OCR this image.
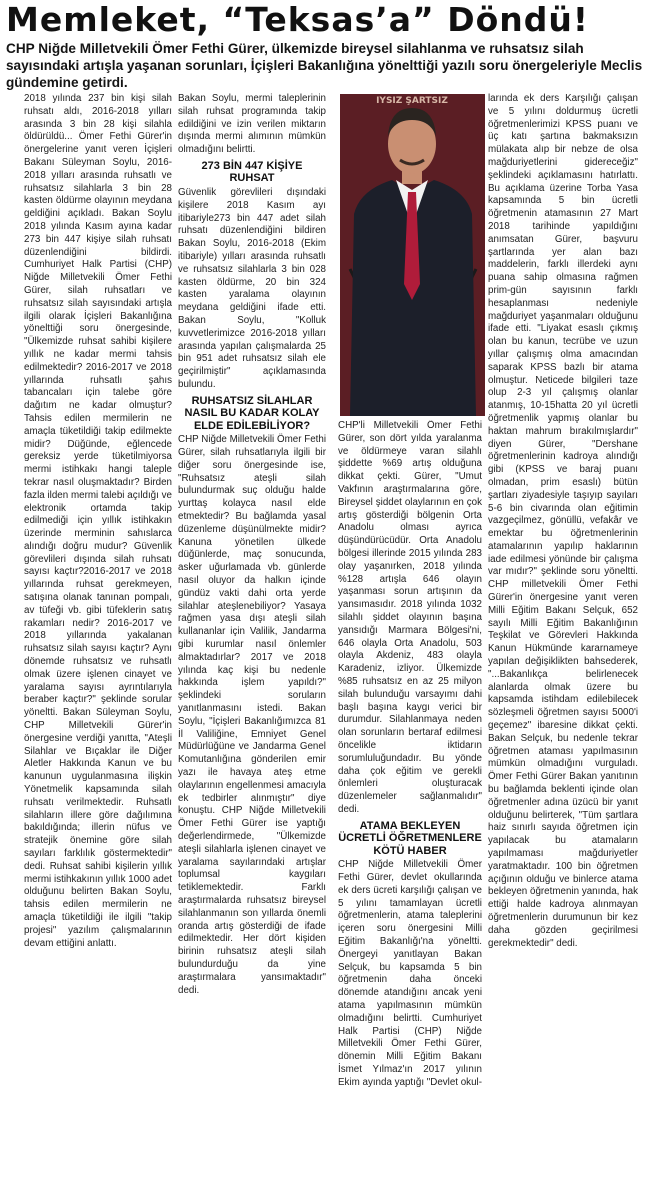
Memleket, “Teksas’a” Döndü!
CHP Niğde Milletvekili Ömer Fethi Gürer, ülkemizde bireysel silahlanma ve ruhsatsız silah sayısındaki artışla yaşanan sorunları, İçişleri Bakanlığına yönelttiği yazılı soru önergeleriyle Meclis gündemine getirdi.

2018 yılında 237 bin kişi silah ruhsatı aldı, 2016-2018 yılları arasında 3 bin 28 kişi silahla öldürüldü... Ömer Fethi Gürer'in önergelerine yanıt veren İçişleri Bakanı Süleyman Soylu, 2016-2018 yılları arasında ruhsatlı ve ruhsatsız silahlarla 3 bin 28 kasten öldürme olayının meydana geldiğini açıkladı. Bakan Soylu 2018 yılında Kasım ayına kadar 273 bin 447 kişiye silah ruhsatı düzenlendiğini bildirdi. Cumhuriyet Halk Partisi (CHP) Niğde Milletvekili Ömer Fethi Gürer, silah ruhsatları ve ruhsatsız silah sayısındaki artışla ilgili olarak İçişleri Bakanlığına yönelttiği soru önergesinde, "Ülkemizde ruhsat sahibi kişilere yıllık ne kadar mermi tahsis edilmektedir? 2016-2017 ve 2018 yıllarında ruhsatlı şahıs tabancaları için talebe göre dağıtım ne kadar olmuştur? Tahsis edilen mermilerin ne amaçla tüketildiği takip edilmekte midir? Düğünde, eğlencede gereksiz yerde tüketilmiyorsa mermi istihkakı hangi taleple tekrar nasıl oluşmaktadır? Birden fazla ilden mermi talebi açıldığı ve elektronik ortamda takip edilmediği için yıllık istihkakın üzerinde merminin sahıslarca alındığı doğru mudur? Güvenlik görevlileri dışında silah ruhsatı sayısı kaçtır?2016-2017 ve 2018 yıllarında ruhsat gerekmeyen, satışına olanak tanınan pompalı, av tüfeği vb. gibi tüfeklerin satış rakamları nedir? 2016-2017 ve 2018 yıllarında yakalanan ruhsatsız silah sayısı kaçtır? Aynı dönemde ruhsatsız ve ruhsatlı olmak üzere işlenen cinayet ve yaralama sayısı ayrıntılarıyla beraber kaçtır?" şeklinde sorular yöneltti. Bakan Süleyman Soylu, CHP Milletvekili Gürer'in önergesine verdiği yanıtta, "Ateşli Silahlar ve Bıçaklar ile Diğer Aletler Hakkında Kanun ve bu kanunun uygulanmasına ilişkin Yönetmelik kapsamında silah ruhsatı verilmektedir. Ruhsatlı silahların illere göre dağılımına bakıldığında; illerin nüfus ve stratejik önemine göre silah sayıları farklılık göstermektedir" dedi. Ruhsat sahibi kişilerin yıllık mermi istihkakının yıllık 1000 adet olduğunu belirten Bakan Soylu, tahsis edilen mermilerin ne amaçla tüketildiği ile ilgili "takip projesi" yazılım çalışmalarının devam ettiğini anlattı.

Bakan Soylu, mermi taleplerinin silah ruhsat programında takip edildiğini ve izin verilen miktarın dışında mermi alımının mümkün olmadığını belirtti.

273 BİN 447 KİŞİYE RUHSAT

Güvenlik görevlileri dışındaki kişilere 2018 Kasım ayı itibariyle273 bin 447 adet silah ruhsatı düzenlendiğini bildiren Bakan Soylu, 2016-2018 (Ekim itibariyle) yılları arasında ruhsatlı ve ruhsatsız silahlarla 3 bin 028 kasten öldürme, 20 bin 324 kasten yaralama olayının meydana geldiğini ifade etti. Bakan Soylu, "Kolluk kuvvetlerimizce 2016-2018 yılları arasında yapılan çalışmalarda 25 bin 951 adet ruhsatsız silah ele geçirilmiştir" açıklamasında bulundu.

RUHSATSIZ SİLAHLAR NASIL BU KADAR KOLAY ELDE EDİLEBİLİYOR?

CHP Niğde Milletvekili Ömer Fethi Gürer, silah ruhsatlarıyla ilgili bir diğer soru önergesinde ise, "Ruhsatsız ateşli silah bulundurmak suç olduğu halde yurttaş kolayca nasıl elde etmektedir? Bu bağlamda yasal düzenleme düşünülmekte midir? Kanuna yönetilen ülkede düğünlerde, maç sonucunda, asker uğurlamada vb. günlerde nasıl oluyor da halkın içinde gündüz vakti dahi orta yerde silahlar ateşlenebiliyor? Yasaya rağmen yasa dışı ateşli silah kullananlar için Valilik, Jandarma gibi kurumlar nasıl önlemler almaktadırlar? 2017 ve 2018 yılında kaç kişi bu nedenle hakkında işlem yapıldı?" şeklindeki soruların yanıtlanmasını istedi. Bakan Soylu, "İçişleri Bakanlığımızca 81 İl Valiliğine, Emniyet Genel Müdürlüğüne ve Jandarma Genel Komutanlığına gönderilen emir yazı ile havaya ateş etme olaylarının engellenmesi amacıyla ek tedbirler alınmıştır" diye konuştu. CHP Niğde Milletvekili Ömer Fethi Gürer ise yaptığı değerlendirmede, "Ülkemizde ateşli silahlarla işlenen cinayet ve yaralama sayılarındaki artışlar toplumsal kaygıları tetiklemektedir. Farklı araştırmalarda ruhsatsız bireysel silahlanmanın son yıllarda önemli oranda artış gösterdiği de ifade edilmektedir. Her dört kişiden birinin ruhsatsız ateşli silah bulundurduğu da yine araştırmalara yansımaktadır" dedi.

IYSIZ ŞARTSIZ

CHP'li Milletvekili Ömer Fethi Gürer, son dört yılda yaralanma ve öldürmeye varan silahlı şiddette %69 artış olduğuna dikkat çekti. Gürer, "Umut Vakfının araştırmalarına göre, Bireysel şiddet olaylarının en çok artış gösterdiği bölgenin Orta Anadolu olması ayrıca düşündürücüdür. Orta Anadolu bölgesi illerinde 2015 yılında 283 olay yaşanırken, 2018 yılında %128 artışla 646 olayın yaşanması sorun artışının da yansımasıdır. 2018 yılında 1032 silahlı şiddet olayının başına yansıdığı Marmara Bölgesi'ni, 646 olayla Orta Anadolu, 503 olayla Akdeniz, 483 olayla Karadeniz, izliyor. Ülkemizde %85 ruhsatsız en az 25 milyon silah bulunduğu varsayımı dahi başlı başına kaygı verici bir durumdur. Silahlanmaya neden olan sorunların bertaraf edilmesi öncelikle iktidarın sorumluluğundadır. Bu yönde daha çok eğitim ve gerekli önlemleri oluşturacak düzenlemeler sağlanmalıdır" dedi.

ATAMA BEKLEYEN ÜCRETLİ ÖĞRETMENLERE KÖTÜ HABER

CHP Niğde Milletvekili Ömer Fethi Gürer, devlet okullarında ek ders ücreti karşılığı çalışan ve 5 yılını tamamlayan ücretli öğretmenlerin, atama taleplerini içeren soru önergesini Milli Eğitim Bakanlığı'na yöneltti. Önergeyi yanıtlayan Bakan Selçuk, bu kapsamda 5 bin öğretmenin daha önceki dönemde atandığını ancak yeni atama yapılmasının mümkün olmadığını belirtti. Cumhuriyet Halk Partisi (CHP) Niğde Milletvekili Ömer Fethi Gürer, dönemin Milli Eğitim Bakanı İsmet Yılmaz'ın 2017 yılının Ekim ayında yaptığı "Devlet okul-

larında ek ders Karşılığı çalışan ve 5 yılını doldurmuş ücretli öğretmenlerimizi KPSS puanı ve üç katı şartına bakmaksızın mülakata alıp bir nebze de olsa mağduriyetlerini gidereceğiz" şeklindeki açıklamasını hatırlattı. Bu açıklama üzerine Torba Yasa kapsamında 5 bin ücretli öğretmenin atamasının 27 Mart 2018 tarihinde yapıldığını anımsatan Gürer, başvuru şartlarında yer alan bazı maddelerin, farklı illerdeki aynı puana sahip olmasına rağmen prim-gün sayısının farklı hesaplanması nedeniyle mağduriyet yaşanmaları olduğunu ifade etti. "Liyakat esaslı çıkmış olan bu kanun, tecrübe ve uzun yıllar çalışmış olma amacından saparak KPSS bazlı bir atama olmuştur. Neticede bilgileri taze olup 2-3 yıl çalışmış olanlar atanmış, 10-15hatta 20 yıl ücretli öğretmenlik yapmış olanlar bu haktan mahrum bırakılmışlardır" diyen Gürer, "Dershane öğretmenlerinin kadroya alındığı gibi (KPSS ve baraj puanı olmadan, prim esaslı) bütün şartları ziyadesiyle taşıyıp sayıları 5-6 bin civarında olan eğitimin vazgeçilmez, gönüllü, vefakâr ve emektar bu öğretmenlerinin atamalarının yapılıp haklarının iade edilmesi yönünde bir çalışma var mıdır?" şeklinde soru yöneltti. CHP milletvekili Ömer Fethi Gürer'in önergesine yanıt veren Milli Eğitim Bakanı Selçuk, 652 sayılı Milli Eğitim Bakanlığının Teşkilat ve Görevleri Hakkında Kanun Hükmünde kararnameye yapılan değişiklikten bahsederek, "...Bakanlıkça belirlenecek alanlarda olmak üzere bu kapsamda istihdam edilebilecek sözleşmeli öğretmen sayısı 5000'i geçemez" ibaresine dikkat çekti. Bakan Selçuk, bu nedenle tekrar öğretmen ataması yapılmasının mümkün olmadığını vurguladı. Ömer Fethi Gürer Bakan yanıtının bu bağlamda beklenti içinde olan öğretmenler adına üzücü bir yanıt olduğunu belirterek, "Tüm şartlara haiz sınırlı sayıda öğretmen için yapılacak bu atamaların yapılmaması mağduriyetler yaratmaktadır. 100 bin öğretmen açığının olduğu ve binlerce atama bekleyen öğretmenin yanında, hak ettiği halde kadroya alınmayan öğretmenlerin durumunun bir kez daha gözden geçirilmesi gerekmektedir" dedi.
